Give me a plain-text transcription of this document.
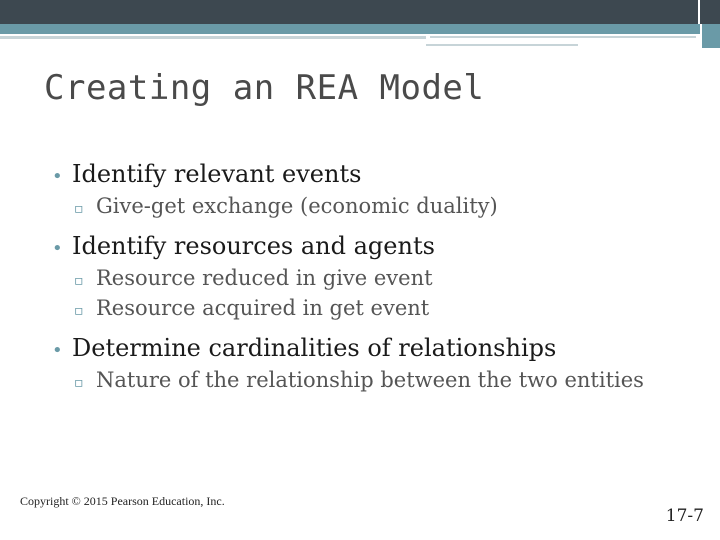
Creating an REA Model
• Identify relevant events
▫ Give-get exchange (economic duality)
• Identify resources and agents
▫ Resource reduced in give event
▫ Resource acquired in get event
• Determine cardinalities of relationships
▫ Nature of the relationship between the two entities
Copyright © 2015 Pearson Education, Inc.
17-7
